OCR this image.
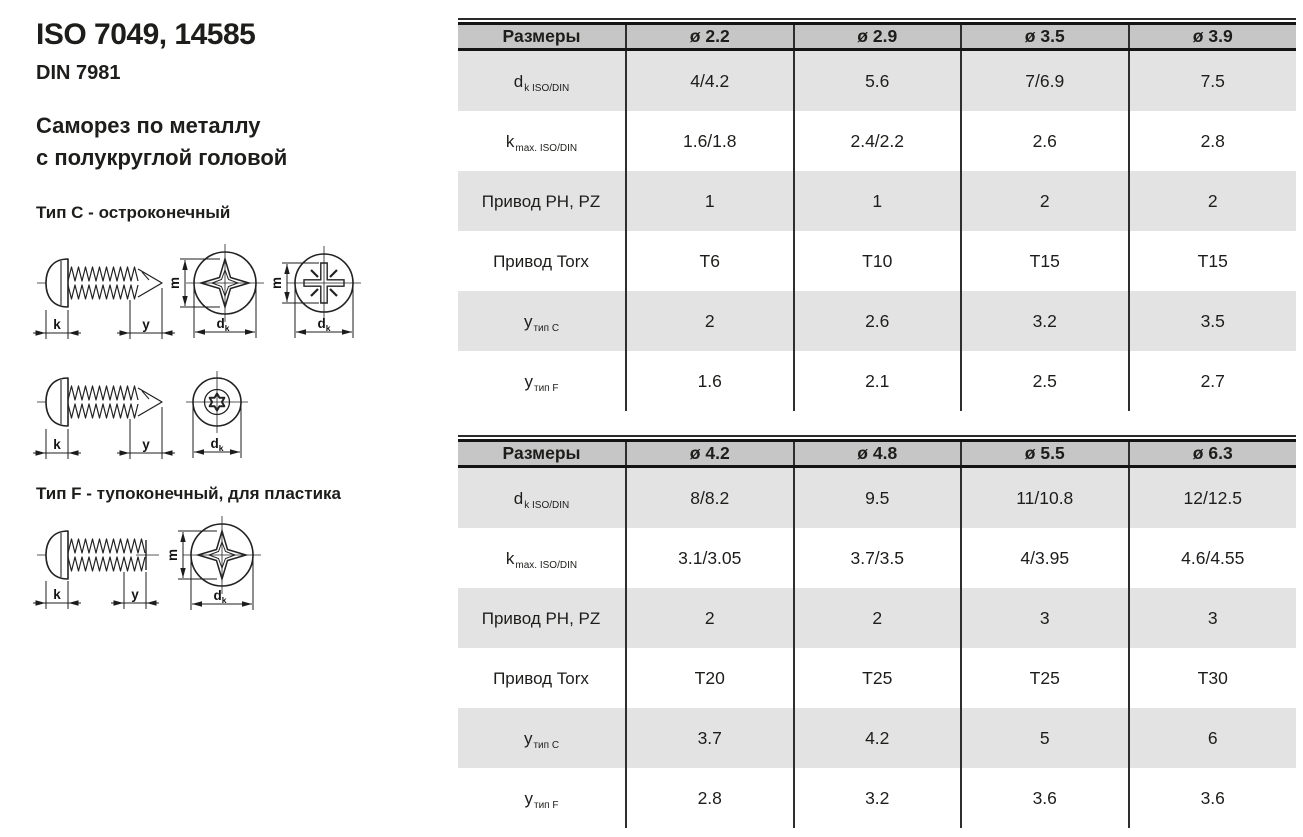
ISO 7049, 14585
DIN 7981
Саморез по металлу
с полукруглой головой
Тип C - остроконечный
Тип F - тупоконечный, для пластика
k	y
m
$d_k$
m
$d_k$
k	y	$d_k$
k	y
m
$d_k$
Размеры	ø 2.2	ø 2.9	ø 3.5	ø 3.9
$d_{k ISO/DIN}$	4/4.2	5.6	7/6.9	7.5
$k_{max. ISO/DIN}$	1.6/1.8	2.4/2.2	2.6	2.8
Привод PH, PZ	1	1	2	2
Привод Torx	T6	T10	T15	T15
$y_{тип C}$	2	2.6	3.2	3.5
$y_{тип F}$	1.6	2.1	2.5	2.7
Размеры	ø 4.2	ø 4.8	ø 5.5	ø 6.3
$d_{k ISO/DIN}$	8/8.2	9.5	11/10.8	12/12.5
$k_{max. ISO/DIN}$	3.1/3.05	3.7/3.5	4/3.95	4.6/4.55
Привод PH, PZ	2	2	3	3
Привод Torx	T20	T25	T25	T30
$y_{тип C}$	3.7	4.2	5	6
$y_{тип F}$	2.8	3.2	3.6	3.6
